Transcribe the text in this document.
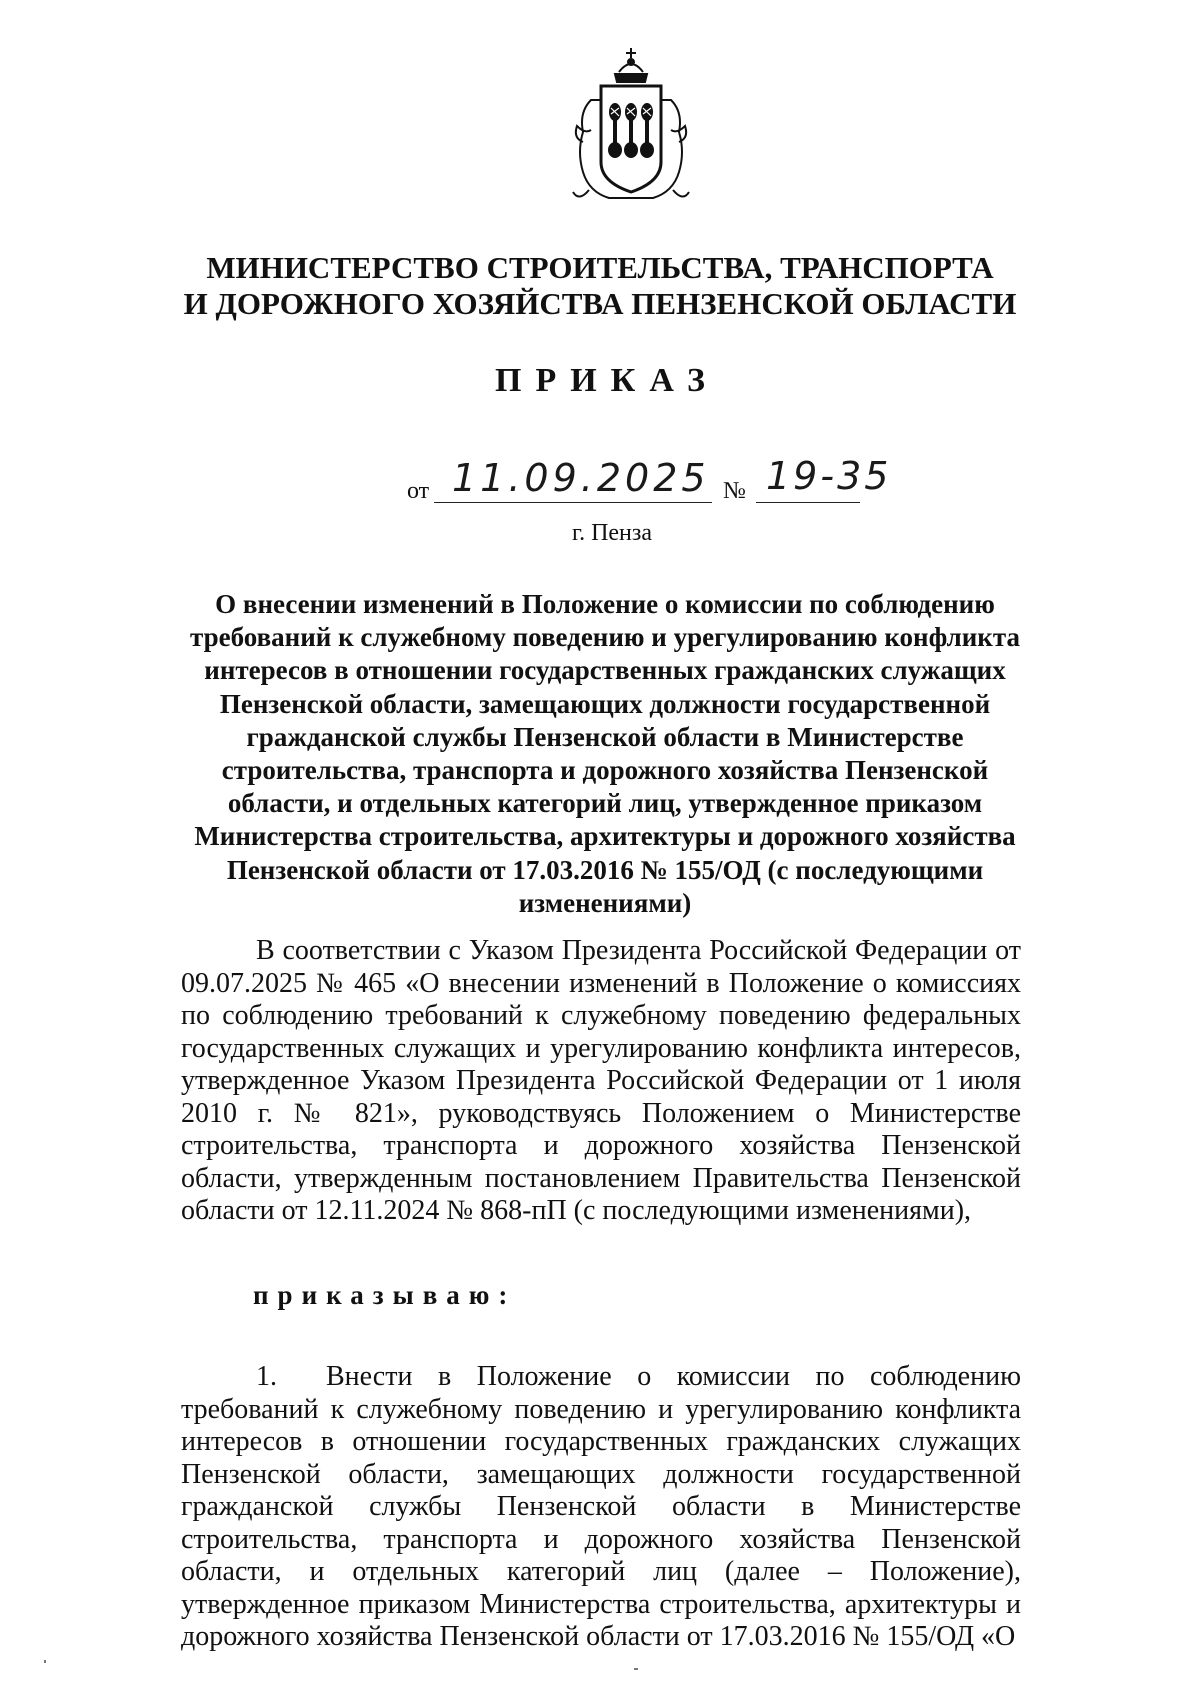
МИНИСТЕРСТВО СТРОИТЕЛЬСТВА, ТРАНСПОРТА
И ДОРОЖНОГО ХОЗЯЙСТВА ПЕНЗЕНСКОЙ ОБЛАСТИ
ПРИКАЗ
от 11.09.2025 № 19-35
г. Пенза

О внесении изменений в Положение о комиссии по соблюдению требований к служебному поведению и урегулированию конфликта интересов в отношении государственных гражданских служащих Пензенской области, замещающих должности государственной гражданской службы Пензенской области в Министерстве строительства, транспорта и дорожного хозяйства Пензенской области, и отдельных категорий лиц, утвержденное приказом Министерства строительства, архитектуры и дорожного хозяйства Пензенской области от 17.03.2016 № 155/ОД (с последующими изменениями)

В соответствии с Указом Президента Российской Федерации от 09.07.2025 № 465 «О внесении изменений в Положение о комиссиях по соблюдению требований к служебному поведению федеральных государственных служащих и урегулированию конфликта интересов, утвержденное Указом Президента Российской Федерации от 1 июля 2010 г. № 821», руководствуясь Положением о Министерстве строительства, транспорта и дорожного хозяйства Пензенской области, утвержденным постановлением Правительства Пензенской области от 12.11.2024 № 868-пП (с последующими изменениями),

приказываю:

1. Внести в Положение о комиссии по соблюдению требований к служебному поведению и урегулированию конфликта интересов в отношении государственных гражданских служащих Пензенской области, замещающих должности государственной гражданской службы Пензенской области в Министерстве строительства, транспорта и дорожного хозяйства Пензенской области, и отдельных категорий лиц (далее – Положение), утвержденное приказом Министерства строительства, архитектуры и дорожного хозяйства Пензенской области от 17.03.2016 № 155/ОД «О
